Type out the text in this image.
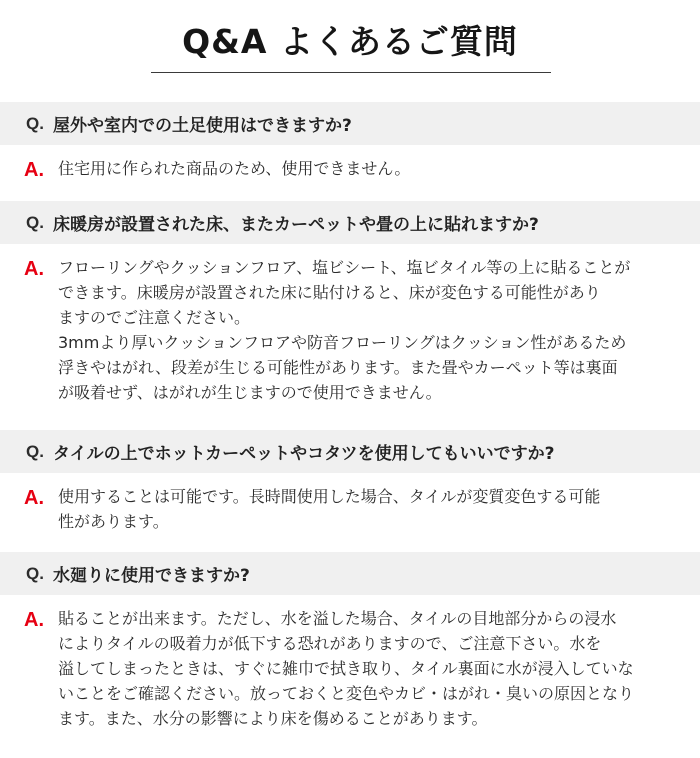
Q&A よくあるご質問
Q. 屋外や室内での土足使用はできますか?
A. 住宅用に作られた商品のため、使用できません。
Q. 床暖房が設置された床、またカーペットや畳の上に貼れますか?
A. フローリングやクッションフロア、塩ビシート、塩ビタイル等の上に貼ることが
できます。床暖房が設置された床に貼付けると、床が変色する可能性があり
ますのでご注意ください。
3mmより厚いクッションフロアや防音フローリングはクッション性があるため
浮きやはがれ、段差が生じる可能性があります。また畳やカーペット等は裏面
が吸着せず、はがれが生じますので使用できません。
Q. タイルの上でホットカーペットやコタツを使用してもいいですか?
A. 使用することは可能です。長時間使用した場合、タイルが変質変色する可能
性があります。
Q. 水廻りに使用できますか?
A. 貼ることが出来ます。ただし、水を溢した場合、タイルの目地部分からの浸水
によりタイルの吸着力が低下する恐れがありますので、ご注意下さい。水を
溢してしまったときは、すぐに雑巾で拭き取り、タイル裏面に水が浸入していな
いことをご確認ください。放っておくと変色やカビ・はがれ・臭いの原因となり
ます。また、水分の影響により床を傷めることがあります。
